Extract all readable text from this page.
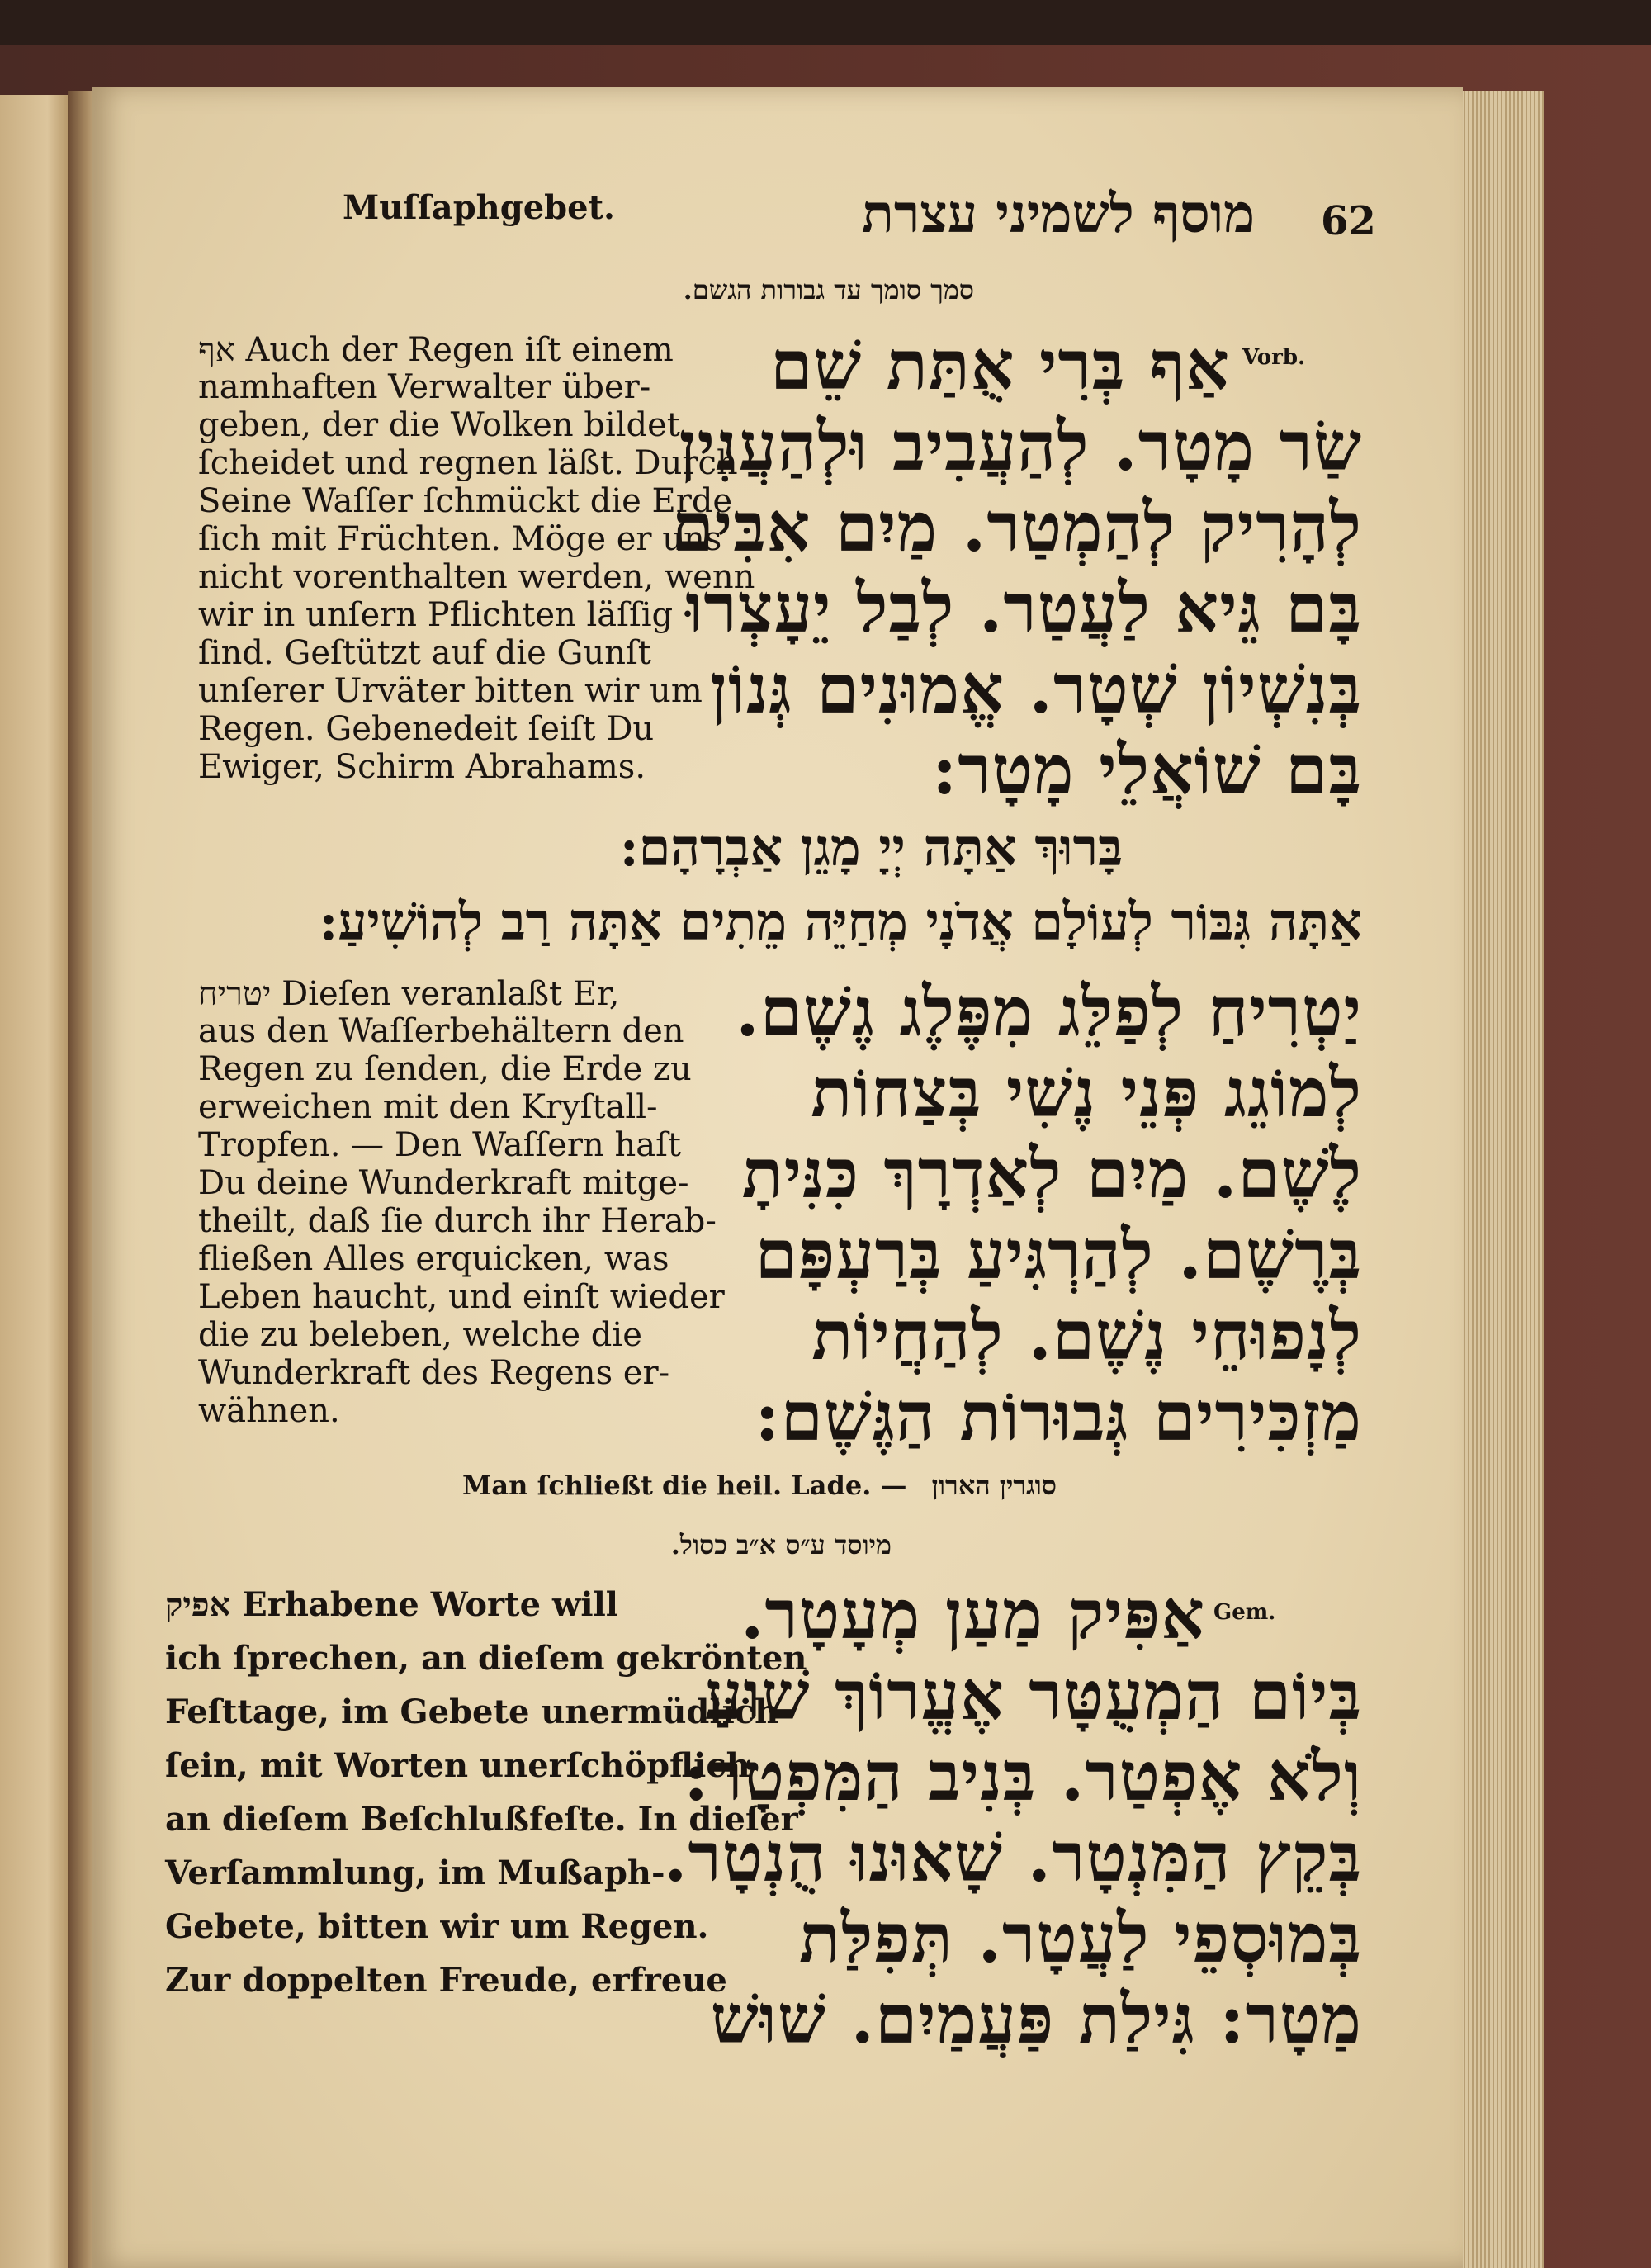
Muſſaphgebet.	מוסף לשמיני עצרת 62
סמך סומך עד גבורות הגשם.
Vorb.
אַף בְּרִי אֻתַּת שֵׁם
שַׂר מָטָר. לְהַעֲבִיב וּלְהַעֲנִין
לְהָרִיק לְהַמְטַר. מַיִם אִבִּים
בָּם גֵּיא לַעֲטַר. לְבַל יֵעָצְרוּ
בְּנִשְׁיוֹן שְׁטָר. אֱמוּנִים גְּנוֹן
בָּם שׁוֹאֲלֵי מָטָר:
אף Auch der Regen iſt einem
namhaften Verwalter über-
geben, der die Wolken bildet,
ſcheidet und regnen läßt. Durch
Seine Waſſer ſchmückt die Erde
ſich mit Früchten. Möge er uns
nicht vorenthalten werden, wenn
wir in unſern Pflichten läſſig
ſind. Geſtützt auf die Gunſt
unſerer Urväter bitten wir um
Regen. Gebenedeit ſeiſt Du
Ewiger, Schirm Abrahams.
בָּרוּךְ אַתָּה יְיָ מָגֵן אַבְרָהָם:
אַתָּה גִּבּוֹר לְעוֹלָם אֲדֹנָי מְחַיֵּה מֵתִים אַתָּה רַב לְהוֹשִׁיעַ:
יַטְרִיחַ לְפַלֵּג מִפֶּלֶג גֶשֶׁם.
לְמוֹגֵג פְּנֵי נֶשִׁי בְּצַחוֹת
לֶשֶׁם. מַיִם לְאַדְרָךְ כִּנִּיתָ
בְּרֶשֶׁם. לְהַרְגִּיעַ בְּרַעְפָּם
לְנָפוּחֵי נֶשֶׁם. לְהַחֲיוֹת
מַזְכִּירִים גְּבוּרוֹת הַגֶּשֶׁם:
יטריח Dieſen veranlaßt Er,
aus den Waſſerbehältern den
Regen zu ſenden, die Erde zu
erweichen mit den Kryſtall-
Tropfen. — Den Waſſern haſt
Du deine Wunderkraft mitge-
theilt, daß ſie durch ihr Herab-
fließen Alles erquicken, was
Leben haucht, und einſt wieder
die zu beleben, welche die
Wunderkraft des Regens er-
wähnen.
Man ſchließt die heil. Lade. — סוגרין הארון
מיוסד ע״ס א״ב כסול.
Gem.
אַפִּיק מַעַן מְעָטָר.
בְּיוֹם הַמְעֻטָּר אֶעֱרוֹךְ שׁוּעַ
וְלֹא אֶפְטַר. בְּנִיב הַמִּפְטָר:
בְּקֵץ הַמִּנְטָר. שָׁאוּנוּ הֻנְטָר.
בְּמוּסְפֵי לַעֲטָר. תְּפִלַּת
מַטָר: גִּילַת פַּעֲמַיִם. שׁוּשׁ
אפיק Erhabene Worte will
ich ſprechen, an dieſem gekrönten
Feſttage, im Gebete unermüdlich
ſein, mit Worten unerſchöpflich
an dieſem Beſchlußfeſte. In dieſer
Verſammlung, im Mußaph-
Gebete, bitten wir um Regen.
Zur doppelten Freude, erfreue
